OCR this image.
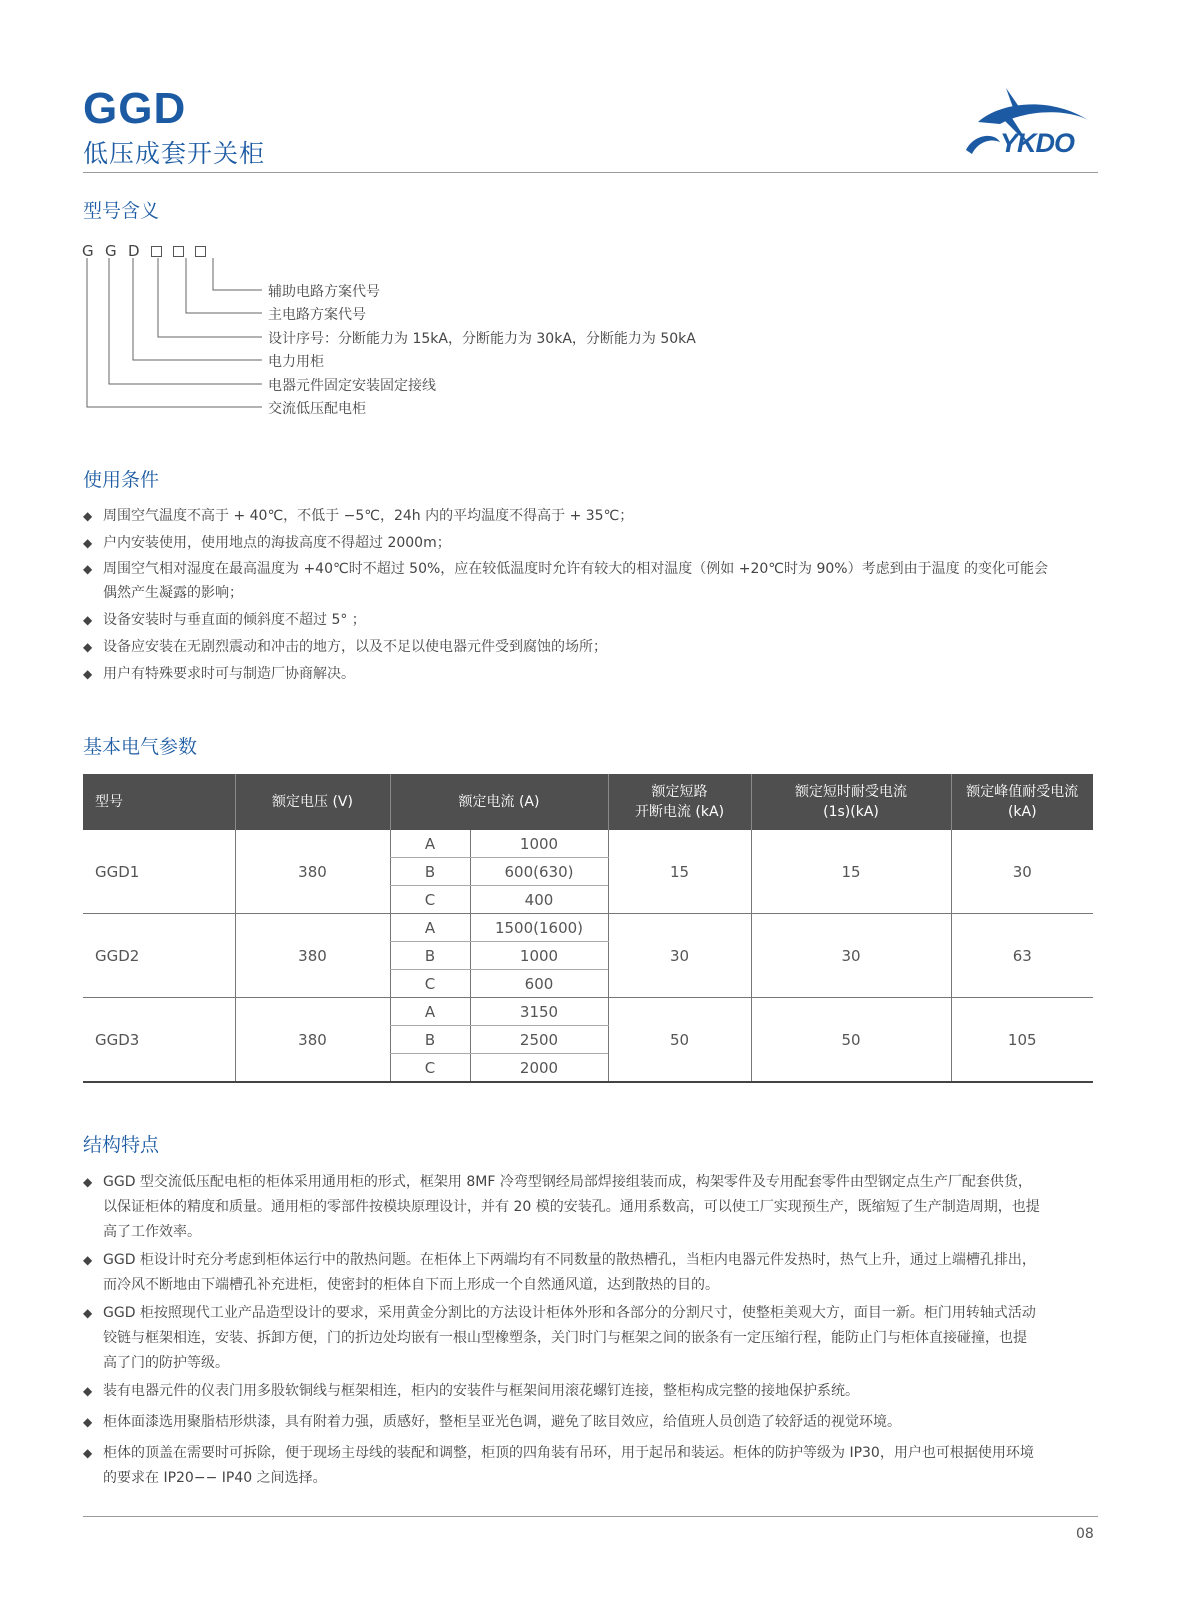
GGD
低压成套开关柜	YKDO
型号含义
G G D
辅助电路方案代号
主电路方案代号
设计序号：分断能力为 15kA，分断能力为 30kA，分断能力为 50kA
电力用柜
电器元件固定安装固定接线
交流低压配电柜
使用条件
◆ 周围空气温度不高于 + 40℃，不低于 −5℃，24h 内的平均温度不得高于 + 35℃；
◆ 户内安装使用，使用地点的海拔高度不得超过 2000m；
◆ 周围空气相对湿度在最高温度为 +40℃时不超过 50%，应在较低温度时允许有较大的相对温度（例如 +20℃时为 90%）考虑到由于温度 的变化可能会
偶然产生凝露的影响；
◆ 设备安装时与垂直面的倾斜度不超过 5° ；
◆ 设备应安装在无剧烈震动和冲击的地方，以及不足以使电器元件受到腐蚀的场所；
◆ 用户有特殊要求时可与制造厂协商解决。
基本电气参数
型号	额定电压 (V)	额定电流 (A)		额定短路
开断电流 (kA)	额定短时耐受电流
(1s)(kA)	额定峰值耐受电流
(kA)
GGD1	380	A	1000	15	15	30
		B	600(630)			
		C	400			
GGD2	380	A	1500(1600)	30	30	63
		B	1000			
		C	600			
GGD3	380	A	3150	50	50	105
		B	2500			
		C	2000			
结构特点
◆ GGD 型交流低压配电柜的柜体采用通用柜的形式，框架用 8MF 冷弯型钢经局部焊接组装而成，构架零件及专用配套零件由型钢定点生产厂配套供货，
以保证柜体的精度和质量。通用柜的零部件按模块原理设计，并有 20 模的安装孔。通用系数高，可以使工厂实现预生产，既缩短了生产制造周期，也提
高了工作效率。
◆ GGD 柜设计时充分考虑到柜体运行中的散热问题。在柜体上下两端均有不同数量的散热槽孔，当柜内电器元件发热时，热气上升，通过上端槽孔排出，
而冷风不断地由下端槽孔补充进柜，使密封的柜体自下而上形成一个自然通风道，达到散热的目的。
◆ GGD 柜按照现代工业产品造型设计的要求，采用黄金分割比的方法设计柜体外形和各部分的分割尺寸，使整柜美观大方，面目一新。柜门用转轴式活动
铰链与框架相连，安装、拆卸方便，门的折边处均嵌有一根山型橡塑条，关门时门与框架之间的嵌条有一定压缩行程，能防止门与柜体直接碰撞，也提
高了门的防护等级。
◆ 装有电器元件的仪表门用多股软铜线与框架相连，柜内的安装件与框架间用滚花螺钉连接，整柜构成完整的接地保护系统。
◆ 柜体面漆选用聚脂桔形烘漆，具有附着力强，质感好，整柜呈亚光色调，避免了眩目效应，给值班人员创造了较舒适的视觉环境。
◆ 柜体的顶盖在需要时可拆除，便于现场主母线的装配和调整，柜顶的四角装有吊环，用于起吊和装运。柜体的防护等级为 IP30，用户也可根据使用环境
的要求在 IP20−− IP40 之间选择。
08
